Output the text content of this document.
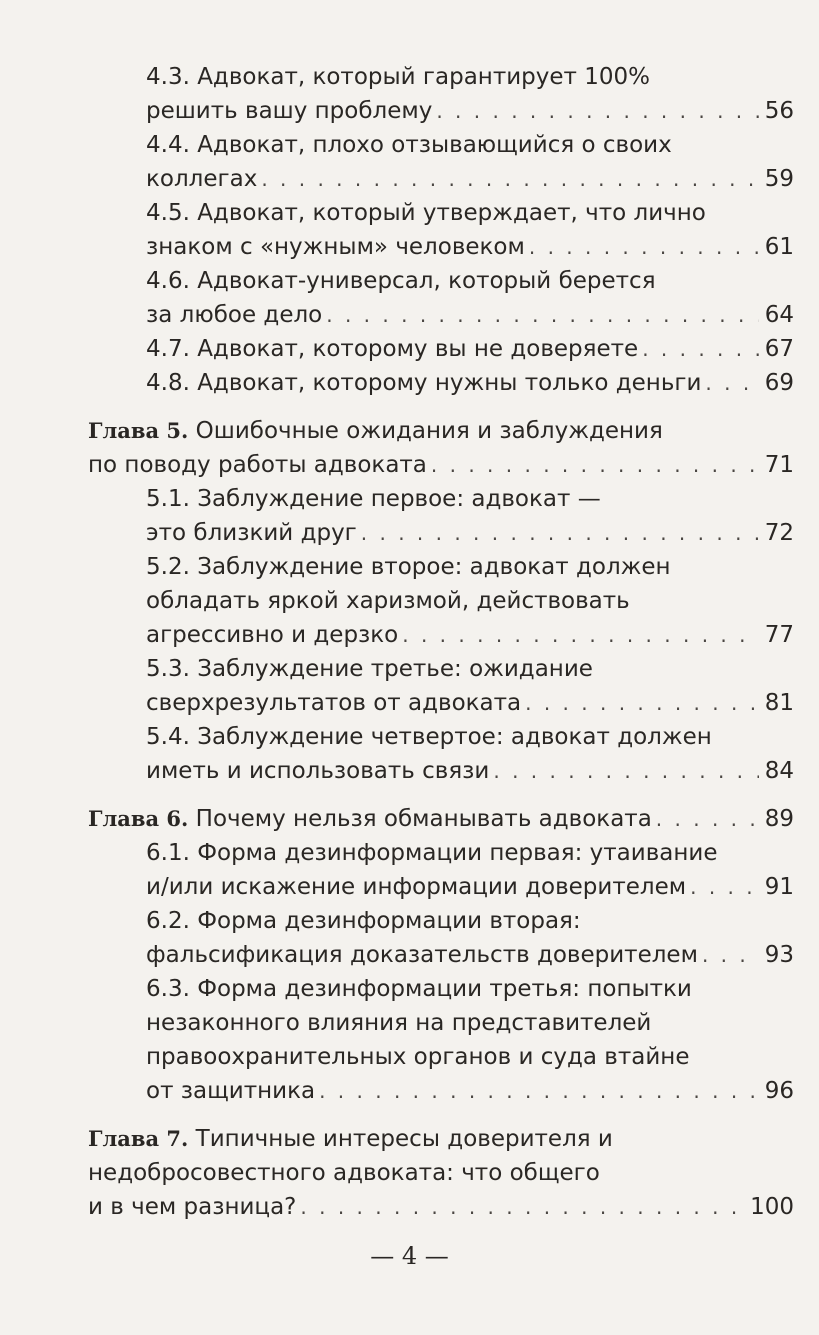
4.3. Адвокат, который гарантирует 100%
решить вашу проблему . . .	56
4.4. Адвокат, плохо отзывающийся о своих
коллегах . . .	59
4.5. Адвокат, который утверждает, что лично
знаком с «нужным» человеком . . .	61
4.6. Адвокат-универсал, который берется
за любое дело . . .	64
4.7. Адвокат, которому вы не доверяете . . .	67
4.8. Адвокат, которому нужны только деньги . . .	69
Глава 5. Ошибочные ожидания и заблуждения
по поводу работы адвоката . . .	71
5.1. Заблуждение первое: адвокат —
это близкий друг . . .	72
5.2. Заблуждение второе: адвокат должен
обладать яркой харизмой, действовать
агрессивно и дерзко . . .	77
5.3. Заблуждение третье: ожидание
сверхрезультатов от адвоката . . .	81
5.4. Заблуждение четвертое: адвокат должен
иметь и использовать связи . . .	84
Глава 6. Почему нельзя обманывать адвоката . . .	89
6.1. Форма дезинформации первая: утаивание
и/или искажение информации доверителем . . .	91
6.2. Форма дезинформации вторая:
фальсификация доказательств доверителем . . .	93
6.3. Форма дезинформации третья: попытки
незаконного влияния на представителей
правоохранительных органов и суда втайне
от защитника . . .	96
Глава 7. Типичные интересы доверителя и
недобросовестного адвоката: что общего
и в чем разница? . . .	100
— 4 —
